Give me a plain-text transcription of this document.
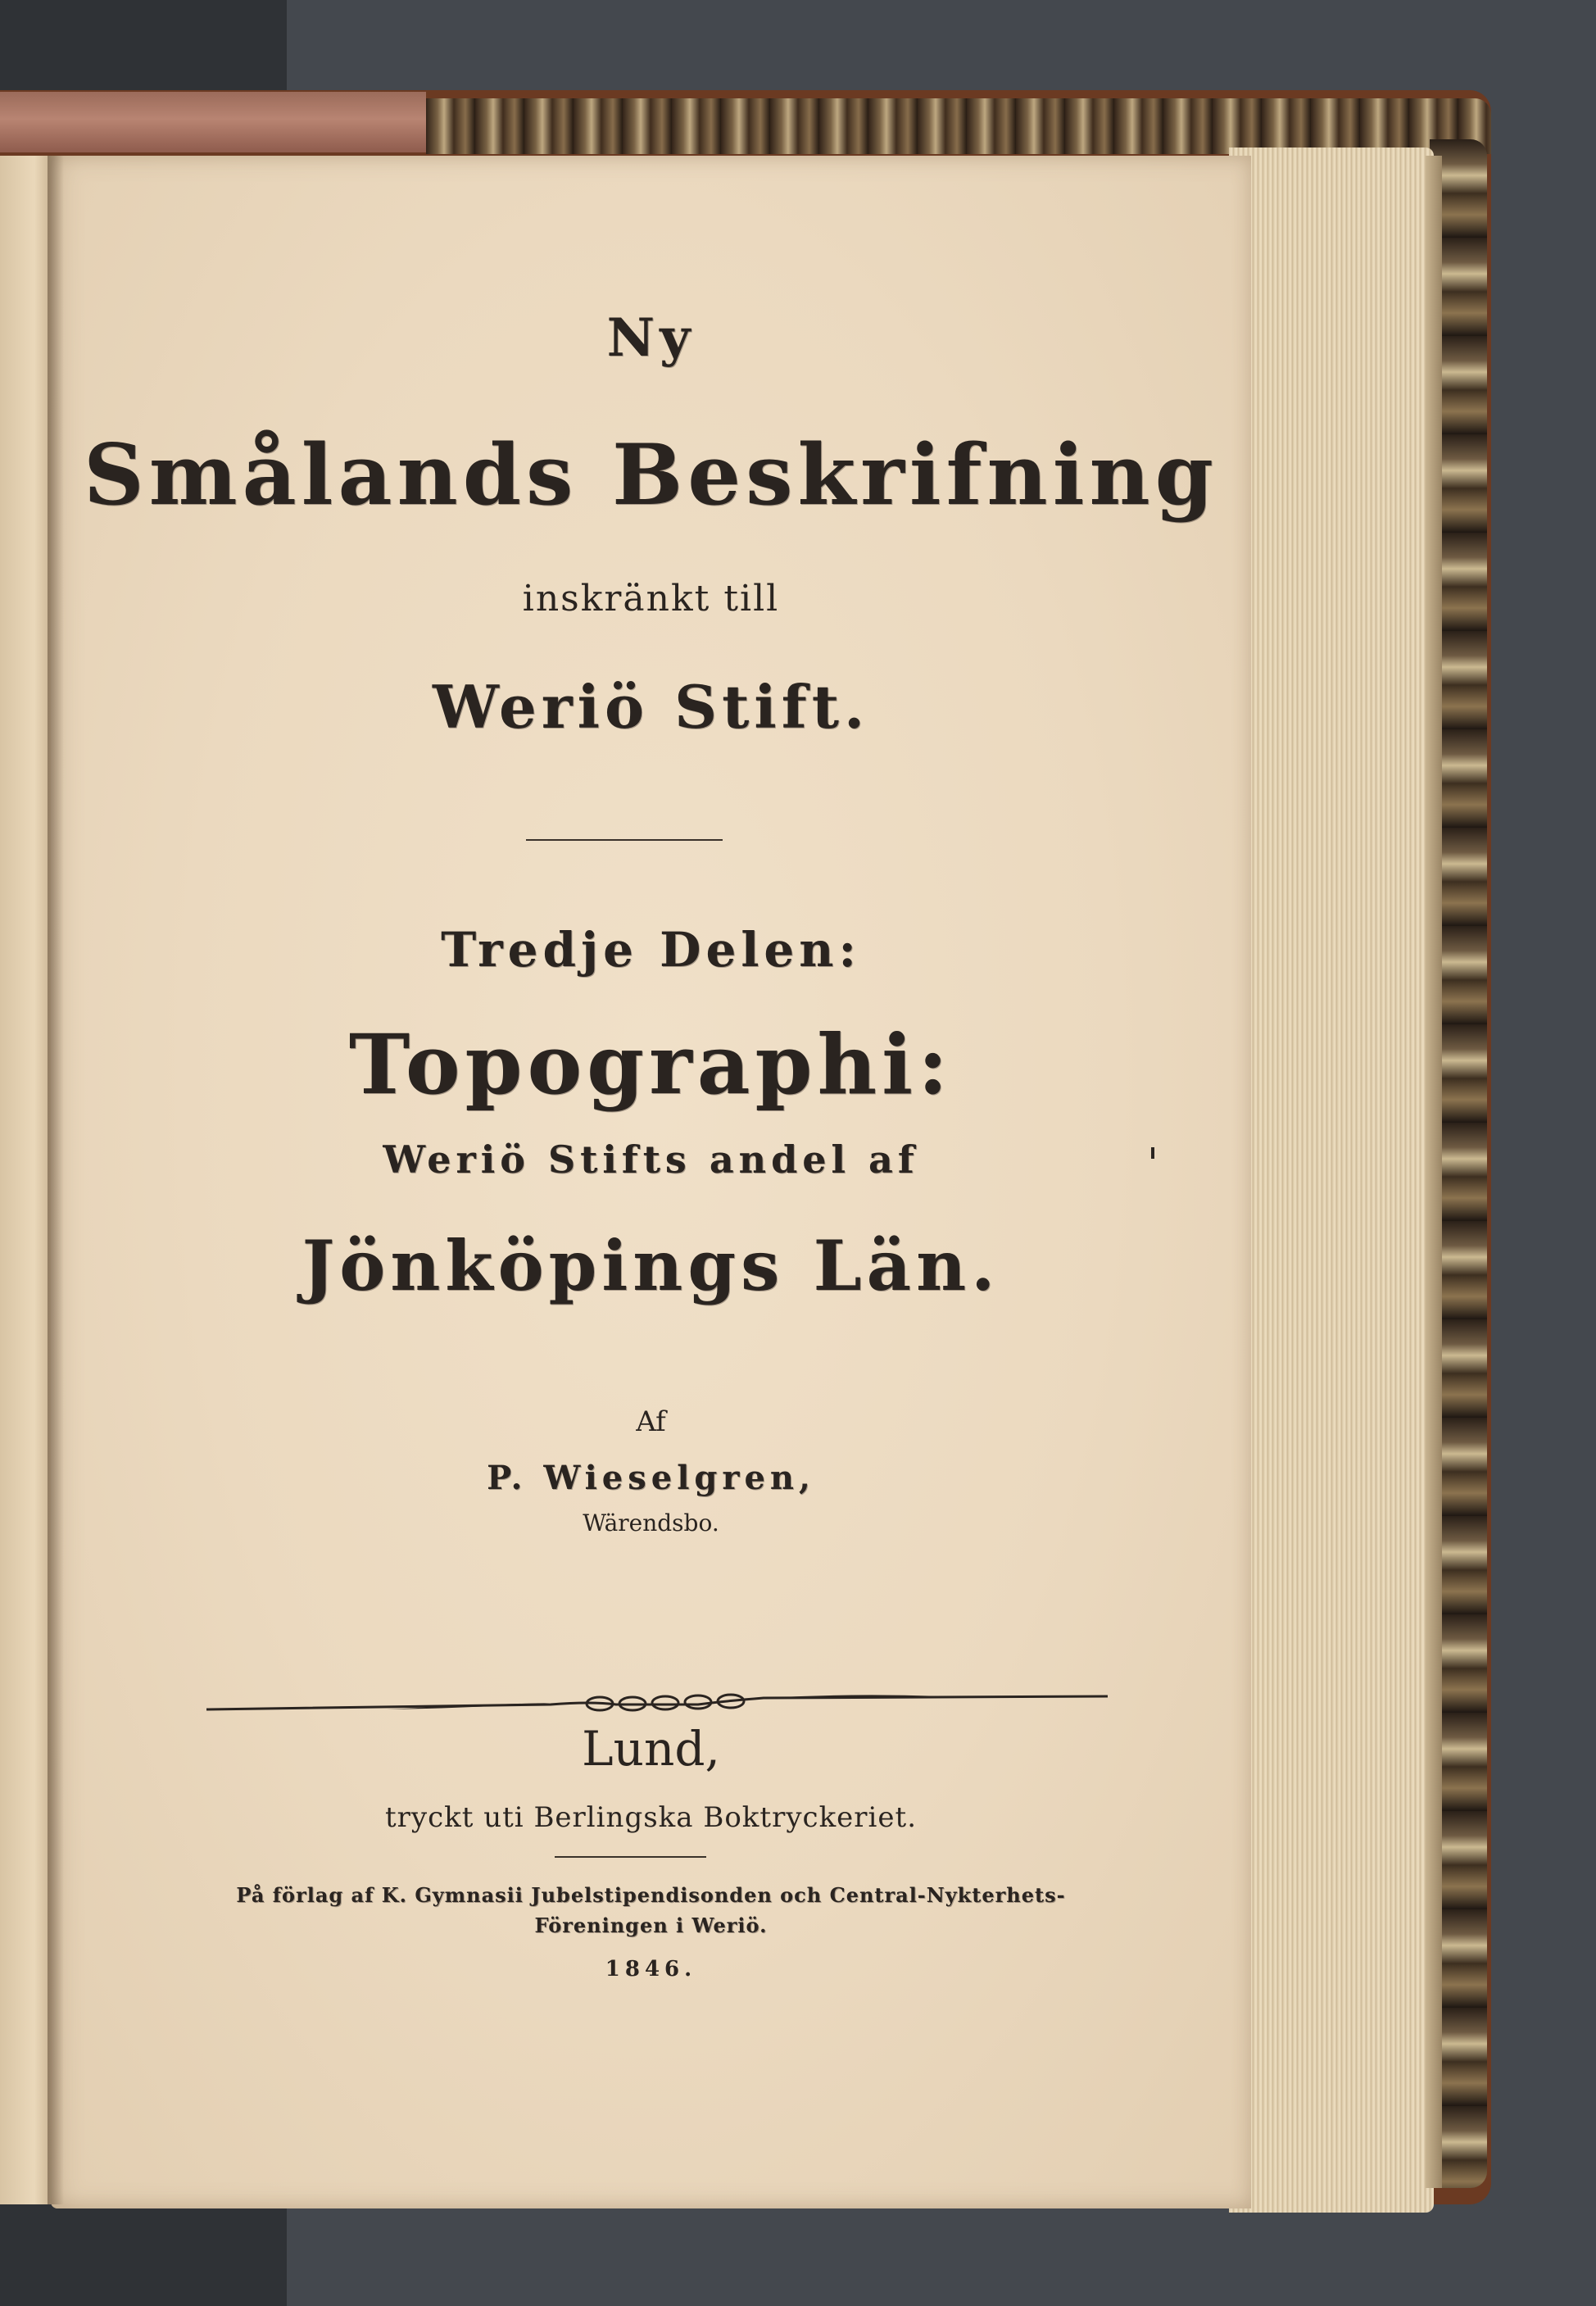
Ny
Smålands Beskrifning
inskränkt till
Weriö Stift.
Tredje Delen:
Topographi:
Weriö Stifts andel af
Jönköpings Län.
Af
P. Wieselgren,
Wärendsbo.
Lund,
tryckt uti Berlingska Boktryckeriet.
På förlag af K. Gymnasii Jubelstipendisonden och Central-Nykterhets-
Föreningen i Weriö.
1846.
